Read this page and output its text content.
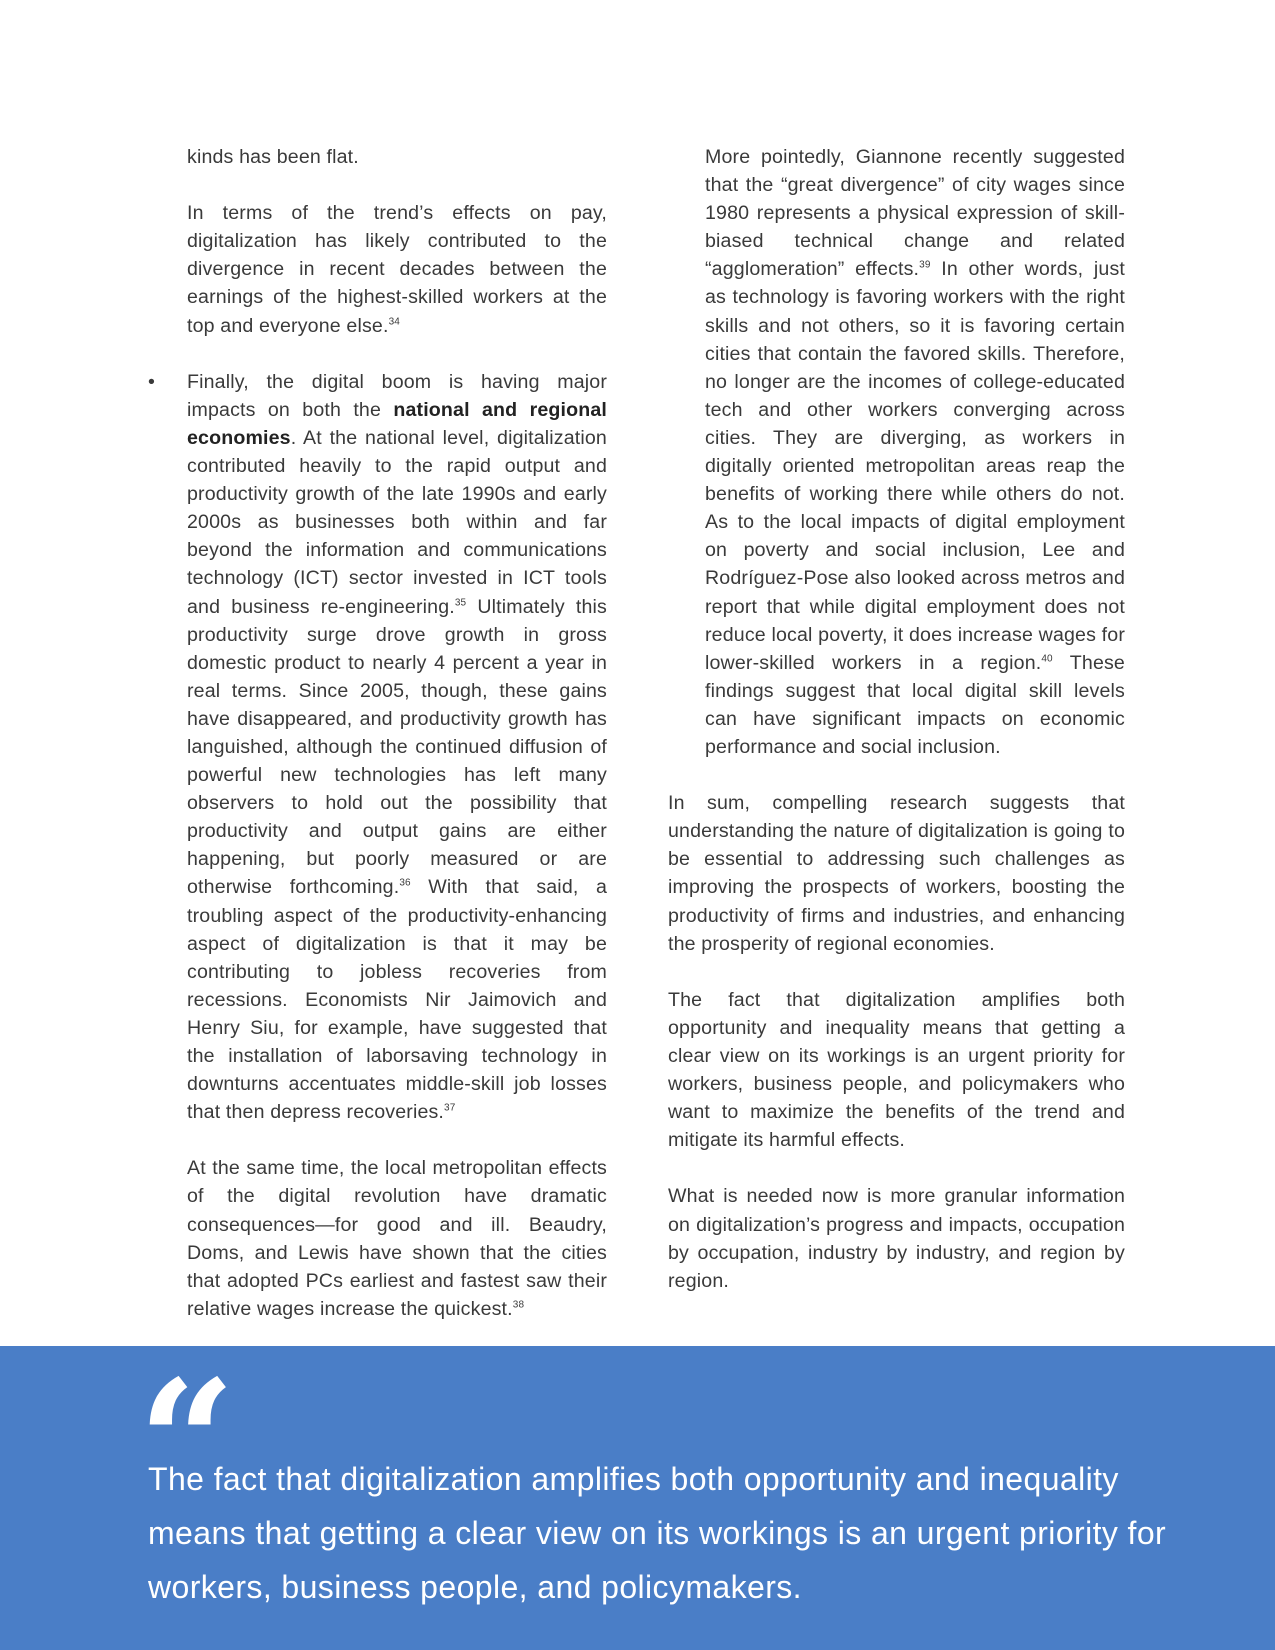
kinds has been flat.

In terms of the trend’s effects on pay, digitalization has likely contributed to the divergence in recent decades between the earnings of the highest-skilled workers at the top and everyone else.$^{34}$

• Finally, the digital boom is having major impacts on both the national and regional economies. At the national level, digitalization contributed heavily to the rapid output and productivity growth of the late 1990s and early 2000s as businesses both within and far beyond the information and communications technology (ICT) sector invested in ICT tools and business re-engineering.$^{35}$ Ultimately this productivity surge drove growth in gross domestic product to nearly 4 percent a year in real terms. Since 2005, though, these gains have disappeared, and productivity growth has languished, although the continued diffusion of powerful new technologies has left many observers to hold out the possibility that productivity and output gains are either happening, but poorly measured or are otherwise forthcoming.$^{36}$ With that said, a troubling aspect of the productivity-enhancing aspect of digitalization is that it may be contributing to jobless recoveries from recessions. Economists Nir Jaimovich and Henry Siu, for example, have suggested that the installation of laborsaving technology in downturns accentuates middle-skill job losses that then depress recoveries.$^{37}$

At the same time, the local metropolitan effects of the digital revolution have dramatic consequences—for good and ill. Beaudry, Doms, and Lewis have shown that the cities that adopted PCs earliest and fastest saw their relative wages increase the quickest.$^{38}$

More pointedly, Giannone recently suggested that the “great divergence” of city wages since 1980 represents a physical expression of skill-biased technical change and related “agglomeration” effects.$^{39}$ In other words, just as technology is favoring workers with the right skills and not others, so it is favoring certain cities that contain the favored skills. Therefore, no longer are the incomes of college-educated tech and other workers converging across cities. They are diverging, as workers in digitally oriented metropolitan areas reap the benefits of working there while others do not. As to the local impacts of digital employment on poverty and social inclusion, Lee and Rodríguez-Pose also looked across metros and report that while digital employment does not reduce local poverty, it does increase wages for lower-skilled workers in a region.$^{40}$ These findings suggest that local digital skill levels can have significant impacts on economic performance and social inclusion.

In sum, compelling research suggests that understanding the nature of digitalization is going to be essential to addressing such challenges as improving the prospects of workers, boosting the productivity of firms and industries, and enhancing the prosperity of regional economies.

The fact that digitalization amplifies both opportunity and inequality means that getting a clear view on its workings is an urgent priority for workers, business people, and policymakers who want to maximize the benefits of the trend and mitigate its harmful effects.

What is needed now is more granular information on digitalization’s progress and impacts, occupation by occupation, industry by industry, and region by region.

“
The fact that digitalization amplifies both opportunity and inequality means that getting a clear view on its workings is an urgent priority for workers, business people, and policymakers.
